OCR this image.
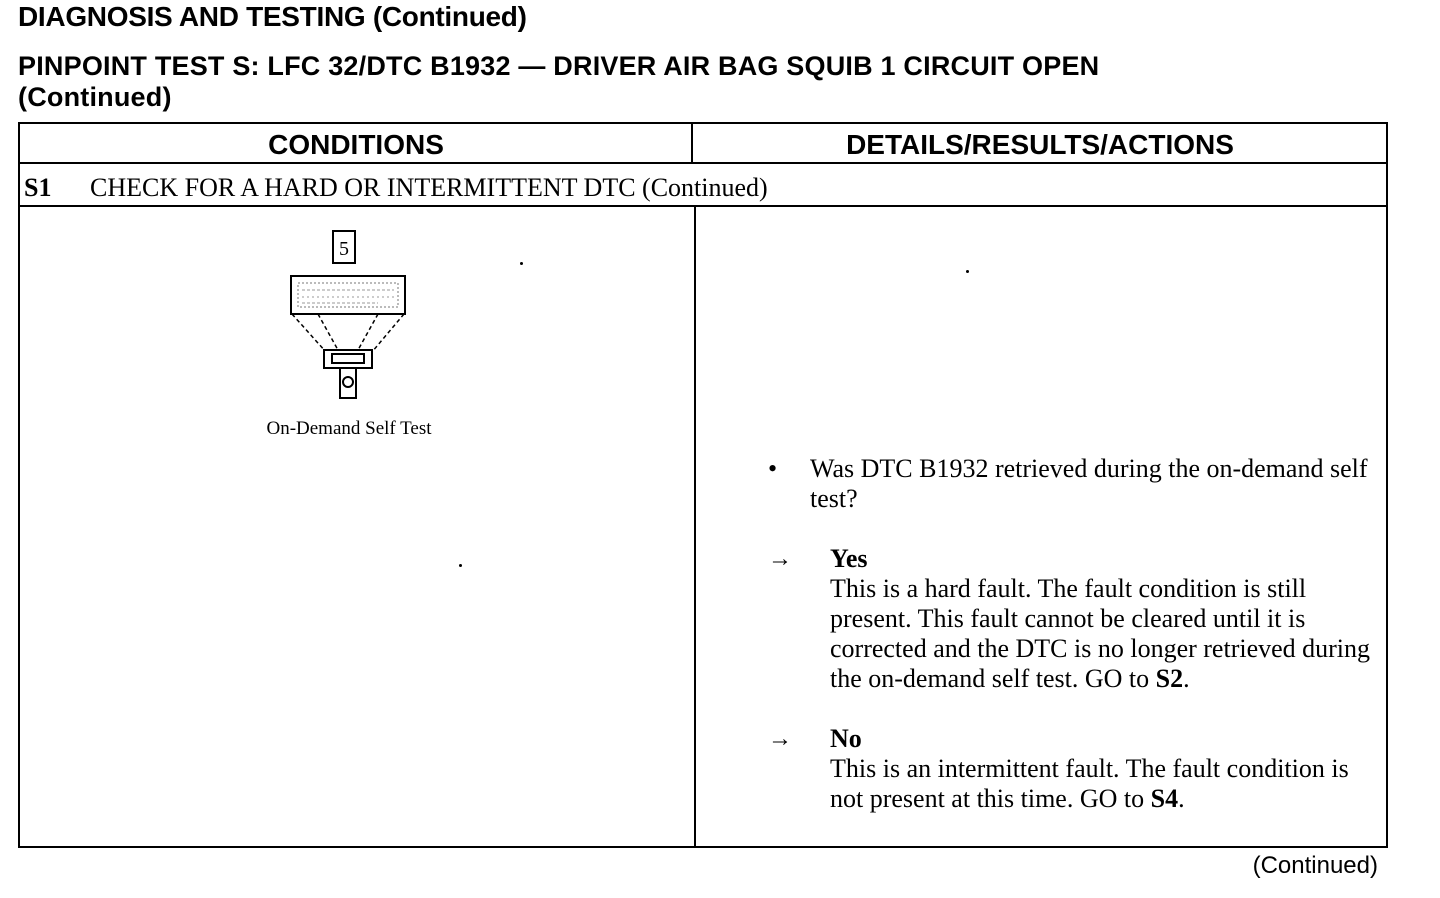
DIAGNOSIS AND TESTING (Continued)
PINPOINT TEST S: LFC 32/DTC B1932 — DRIVER AIR BAG SQUIB 1 CIRCUIT OPEN
(Continued)
CONDITIONS	DETAILS/RESULTS/ACTIONS
S1 CHECK FOR A HARD OR INTERMITTENT DTC (Continued)
5
On-Demand Self Test
• Was DTC B1932 retrieved during the on-demand self test?
→ Yes
This is a hard fault. The fault condition is still present. This fault cannot be cleared until it is corrected and the DTC is no longer retrieved during the on-demand self test. GO to S2.
→ No
This is an intermittent fault. The fault condition is not present at this time. GO to S4.
(Continued)
